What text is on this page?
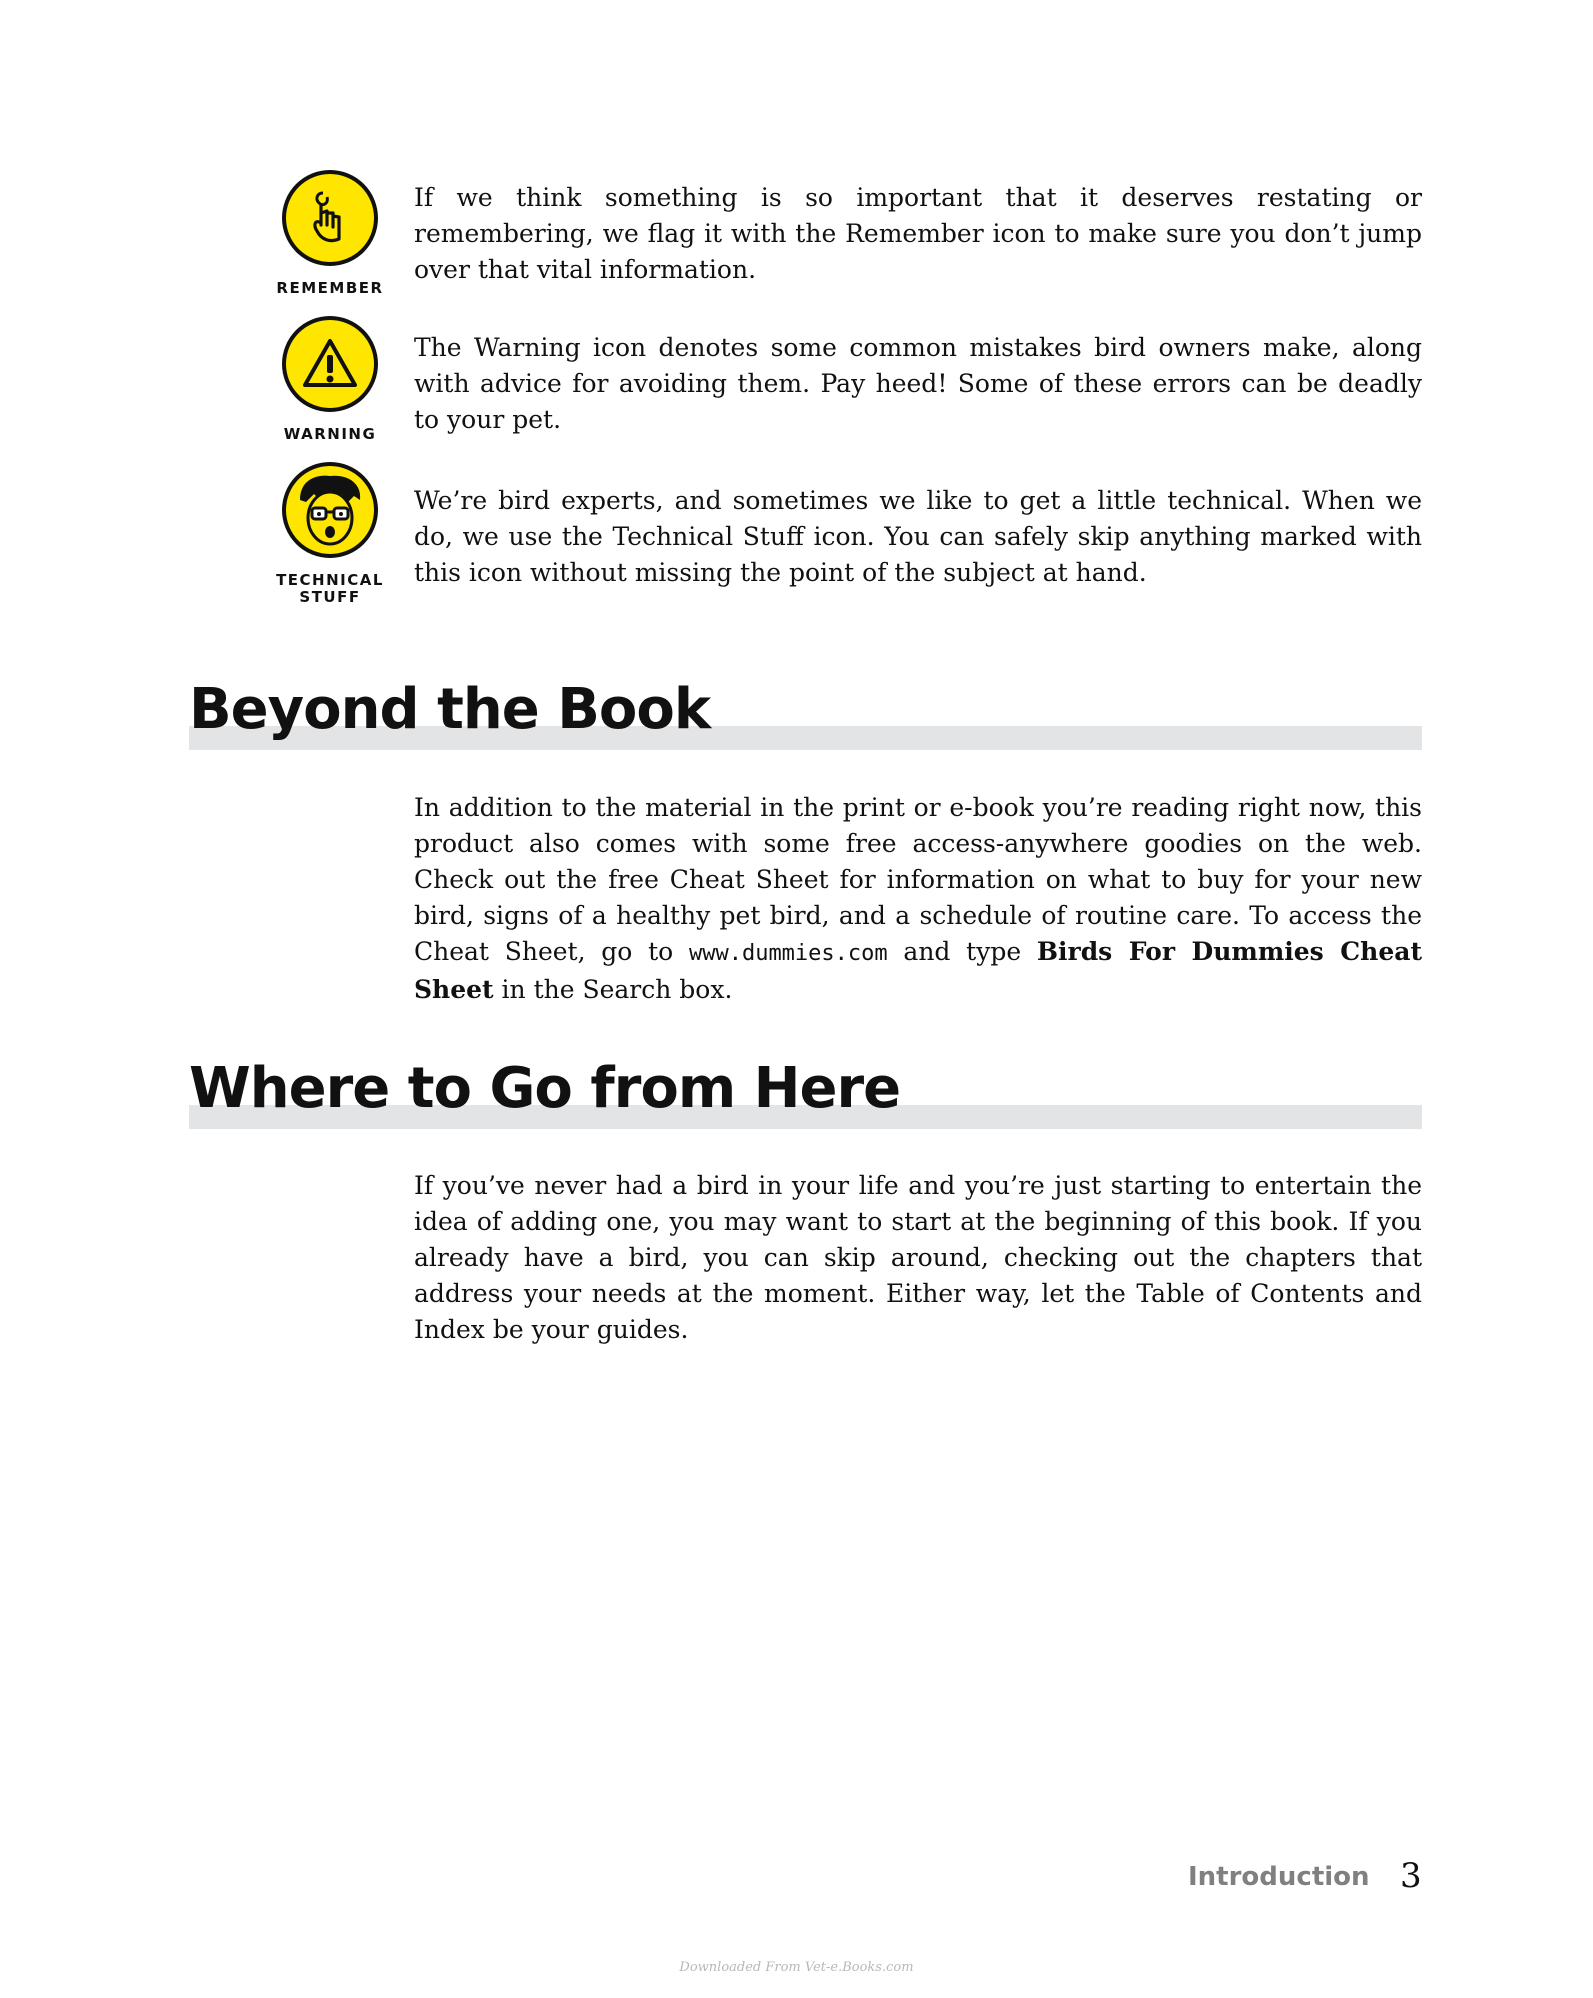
REMEMBER

If we think something is so important that it deserves restating or remembering, we flag it with the Remember icon to make sure you don’t jump over that vital information.

WARNING

The Warning icon denotes some common mistakes bird owners make, along with advice for avoiding them. Pay heed! Some of these errors can be deadly to your pet.

TECHNICAL
STUFF

We’re bird experts, and sometimes we like to get a little technical. When we do, we use the Technical Stuff icon. You can safely skip anything marked with this icon without missing the point of the subject at hand.

Beyond the Book

In addition to the material in the print or e-book you’re reading right now, this product also comes with some free access-anywhere goodies on the web. Check out the free Cheat Sheet for information on what to buy for your new bird, signs of a healthy pet bird, and a schedule of routine care. To access the Cheat Sheet, go to www.dummies.com and type Birds For Dummies Cheat Sheet in the Search box.

Where to Go from Here

If you’ve never had a bird in your life and you’re just starting to entertain the idea of adding one, you may want to start at the beginning of this book. If you already have a bird, you can skip around, checking out the chapters that address your needs at the moment. Either way, let the Table of Contents and Index be your guides.

Introduction 3
Downloaded From Vet-e.Books.com
